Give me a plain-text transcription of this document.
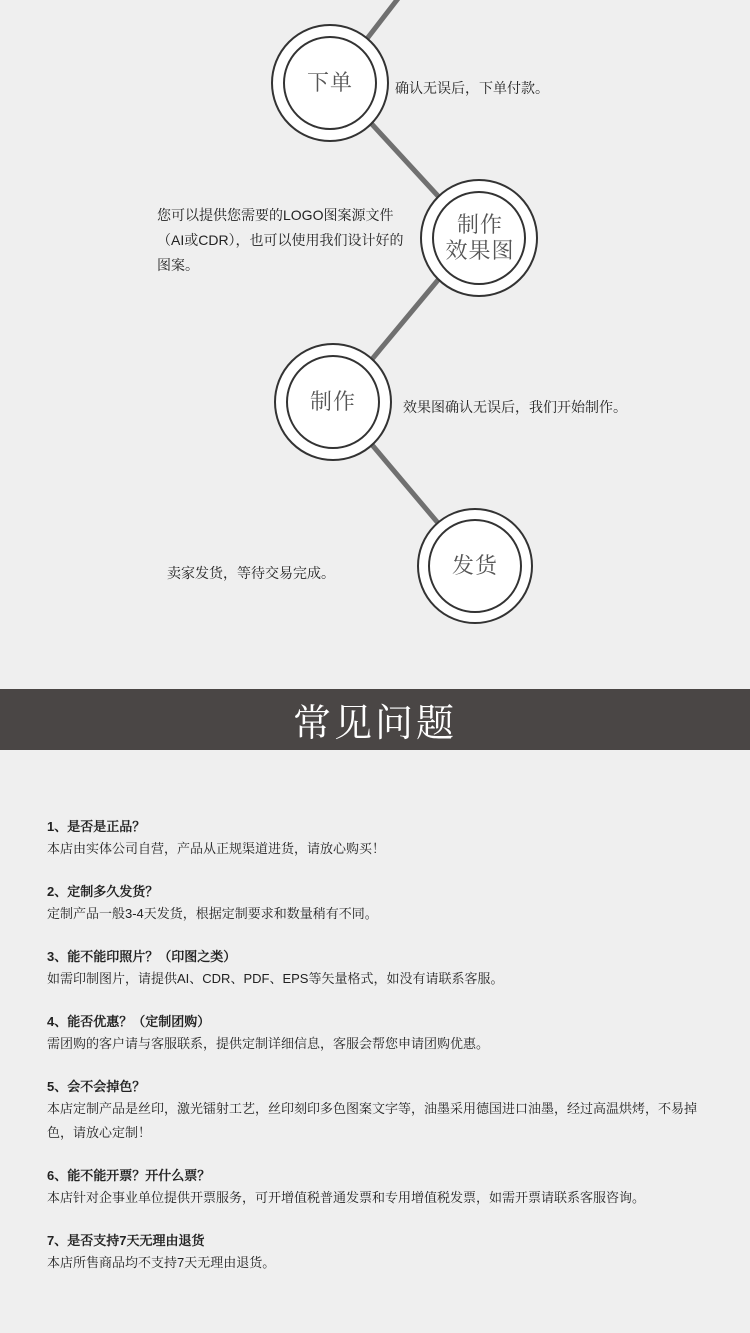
下单	确认无误后，下单付款。
制作
效果图
您可以提供您需要的LOGO图案源文件（AI或CDR），也可以使用我们设计好的图案。
制作	效果图确认无误后，我们开始制作。
发货
卖家发货，等待交易完成。
常见问题
1、是否是正品？
本店由实体公司自营，产品从正规渠道进货，请放心购买！
2、定制多久发货？
定制产品一般3-4天发货，根据定制要求和数量稍有不同。
3、能不能印照片？（印图之类）
如需印制图片，请提供AI、CDR、PDF、EPS等矢量格式，如没有请联系客服。
4、能否优惠？（定制团购）
需团购的客户请与客服联系，提供定制详细信息，客服会帮您申请团购优惠。
5、会不会掉色？
本店定制产品是丝印，激光镭射工艺，丝印刻印多色图案文字等，油墨采用德国进口油墨，经过高温烘烤，不易掉色，请放心定制！
6、能不能开票？开什么票？
本店针对企事业单位提供开票服务，可开增值税普通发票和专用增值税发票，如需开票请联系客服咨询。
7、是否支持7天无理由退货
本店所售商品均不支持7天无理由退货。
